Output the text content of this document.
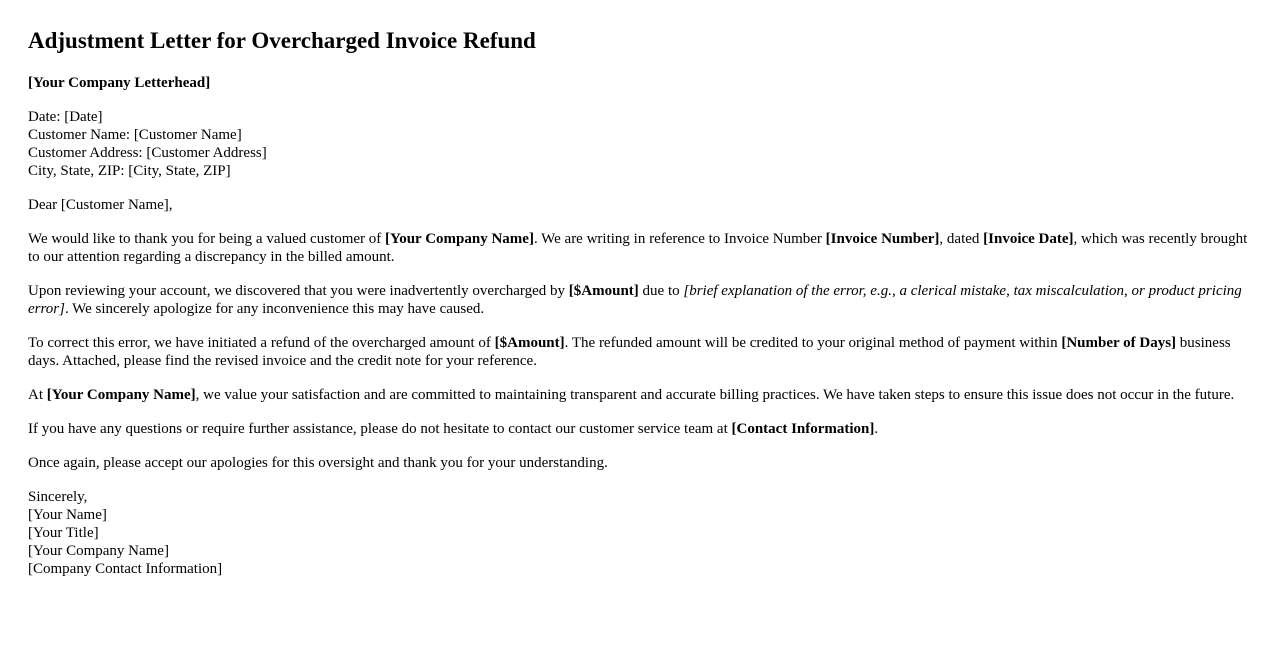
Adjustment Letter for Overcharged Invoice Refund

[Your Company Letterhead]

Date: [Date]
Customer Name: [Customer Name]
Customer Address: [Customer Address]
City, State, ZIP: [City, State, ZIP]

Dear [Customer Name],

We would like to thank you for being a valued customer of [Your Company Name]. We are writing in reference to Invoice Number [Invoice Number], dated [Invoice Date], which was recently brought to our attention regarding a discrepancy in the billed amount.

Upon reviewing your account, we discovered that you were inadvertently overcharged by [$Amount] due to [brief explanation of the error, e.g., a clerical mistake, tax miscalculation, or product pricing error]. We sincerely apologize for any inconvenience this may have caused.

To correct this error, we have initiated a refund of the overcharged amount of [$Amount]. The refunded amount will be credited to your original method of payment within [Number of Days] business days. Attached, please find the revised invoice and the credit note for your reference.

At [Your Company Name], we value your satisfaction and are committed to maintaining transparent and accurate billing practices. We have taken steps to ensure this issue does not occur in the future.

If you have any questions or require further assistance, please do not hesitate to contact our customer service team at [Contact Information].

Once again, please accept our apologies for this oversight and thank you for your understanding.

Sincerely,
[Your Name]
[Your Title]
[Your Company Name]
[Company Contact Information]
